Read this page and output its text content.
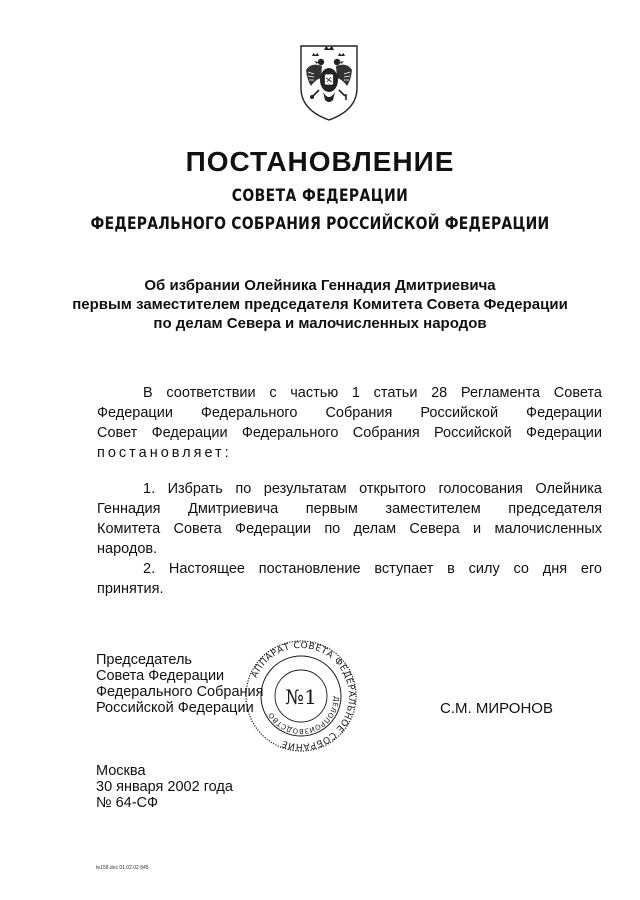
ПОСТАНОВЛЕНИЕ
СОВЕТА ФЕДЕРАЦИИ
ФЕДЕРАЛЬНОГО СОБРАНИЯ РОССИЙСКОЙ ФЕДЕРАЦИИ
Об избрании Олейника Геннадия Дмитриевича
первым заместителем председателя Комитета Совета Федерации
по делам Севера и малочисленных народов
В соответствии с частью 1 статьи 28 Регламента Совета
Федерации Федерального Собрания Российской Федерации
Совет Федерации Федерального Собрания Российской Федерации
постановляет:
1. Избрать по результатам открытого голосования Олейника
Геннадия Дмитриевича первым заместителем председателя
Комитета Совета Федерации по делам Севера и малочисленных
народов.
2. Настоящее постановление вступает в силу со дня его
принятия.
Председатель
Совета Федерации
Федерального Собрания
Российской Федерации
АППАРАТ СОВЕТА ФЕДЕРАЛЬНОЕ СОБРАНИЕ
ДЕЛОПРОИЗВОДСТВО
№1	С.М. МИРОНОВ
Москва
30 января 2002 года
№ 64-СФ
te158.doc 01.02.02 845
